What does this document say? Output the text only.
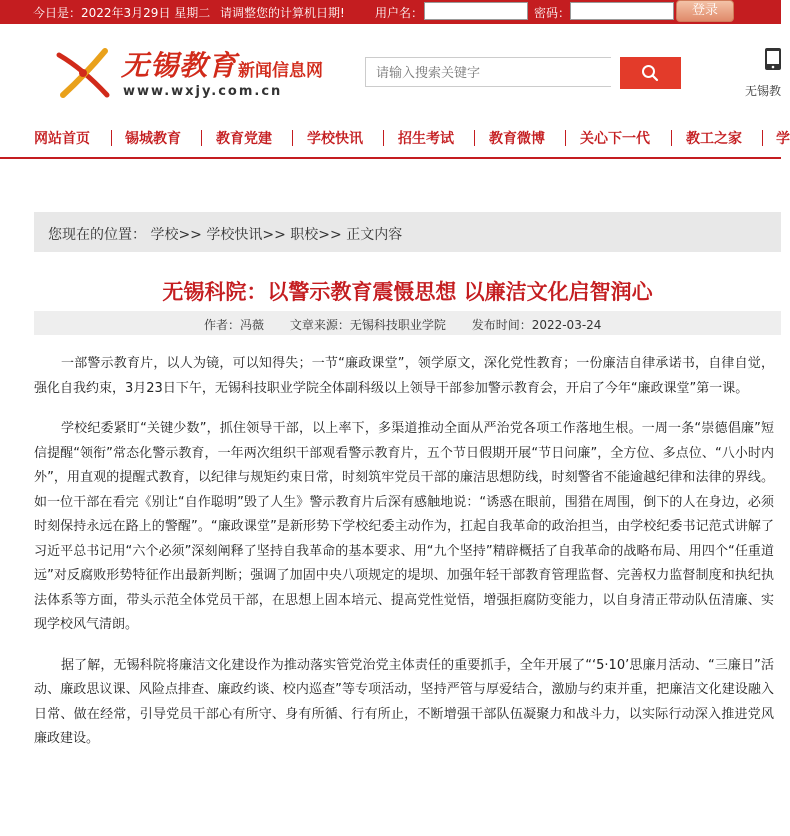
今日是：2022年3月29日 星期二 请调整您的计算机日期!	用户名：	密码：	登录
无锡教育 新闻信息网
www.wxjy.com.cn
请输入搜索关键字	无锡教
网站首页	锡城教育	教育党建	学校快讯	招生考试	教育微博	关心下一代	教工之家 学
您现在的位置： 学校>> 学校快讯>> 职校>> 正文内容
无锡科院：以警示教育震慑思想 以廉洁文化启智润心
作者：冯薇 文章来源：无锡科技职业学院 发布时间：2022-03-24

一部警示教育片，以人为镜，可以知得失；一节“廉政课堂”，领学原文，深化党性教育；一份廉洁自律承诺书，自律自觉，强化自我约束，3月23日下午，无锡科技职业学院全体副科级以上领导干部参加警示教育会，开启了今年“廉政课堂”第一课。

学校纪委紧盯“关键少数”，抓住领导干部，以上率下，多渠道推动全面从严治党各项工作落地生根。一周一条“崇德倡廉”短信提醒“领衔”常态化警示教育，一年两次组织干部观看警示教育片，五个节日假期开展“节日问廉”，全方位、多点位、“八小时内外”，用直观的提醒式教育，以纪律与规矩约束日常，时刻筑牢党员干部的廉洁思想防线，时刻警省不能逾越纪律和法律的界线。如一位干部在看完《别让“自作聪明”毁了人生》警示教育片后深有感触地说：“诱惑在眼前，围猎在周围，倒下的人在身边，必须时刻保持永远在路上的警醒”。“廉政课堂”是新形势下学校纪委主动作为，扛起自我革命的政治担当，由学校纪委书记范式讲解了习近平总书记用“六个必须”深刻阐释了坚持自我革命的基本要求、用“九个坚持”精辟概括了自我革命的战略布局、用四个“任重道远”对反腐败形势特征作出最新判断；强调了加固中央八项规定的堤坝、加强年轻干部教育管理监督、完善权力监督制度和执纪执法体系等方面，带头示范全体党员干部，在思想上固本培元、提高党性觉悟，增强拒腐防变能力，以自身清正带动队伍清廉、实现学校风气清朗。

据了解，无锡科院将廉洁文化建设作为推动落实管党治党主体责任的重要抓手，全年开展了“‘5·10’思廉月活动、“三廉日”活动、廉政思议课、风险点排查、廉政约谈、校内巡查”等专项活动，坚持严管与厚爱结合，激励与约束并重，把廉洁文化建设融入日常、做在经常，引导党员干部心有所守、身有所循、行有所止，不断增强干部队伍凝聚力和战斗力，以实际行动深入推进党风廉政建设。
